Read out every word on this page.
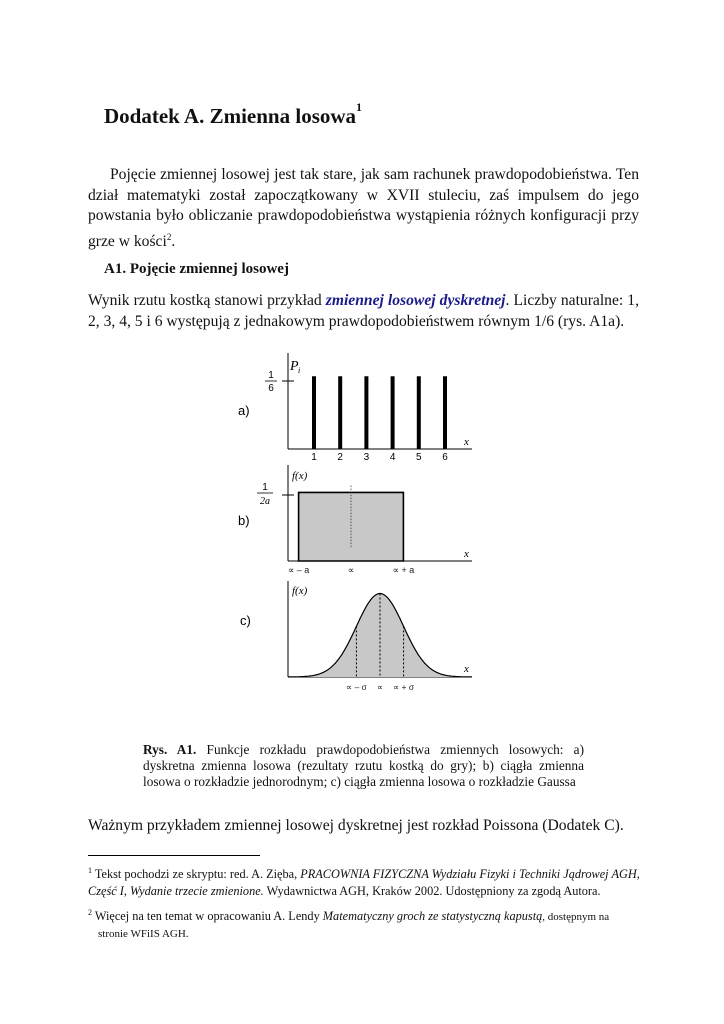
Dodatek A. Zmienna losowa$^1$

Pojęcie zmiennej losowej jest tak stare, jak sam rachunek prawdopodobieństwa. Ten dział matematyki został zapoczątkowany w XVII stuleciu, zaś impulsem do jego powstania było obliczanie prawdopodobieństwa wystąpienia różnych konfiguracji przy grze w kości$^2$.

A1. Pojęcie zmiennej losowej

Wynik rzutu kostką stanowi przykład zmiennej losowej dyskretnej. Liczby naturalne: 1, 2, 3, 4, 5 i 6 występują z jednakowym prawdopodobieństwem równym 1/6 (rys. A1a).

a)
P i
x
1
6
1 2 3 4 5 6
b)
f(x)
x
1
2a
∝ – a	∝	∝ + a
c)
f(x)
x
∝ – σ ∝ ∝ + σ

Rys. A1. Funkcje rozkładu prawdopodobieństwa zmiennych losowych: a) dyskretna zmienna losowa (rezultaty rzutu kostką do gry); b) ciągła zmienna losowa o rozkładzie jednorodnym; c) ciągła zmienna losowa o rozkładzie Gaussa

Ważnym przykładem zmiennej losowej dyskretnej jest rozkład Poissona (Dodatek C).

$^1$ Tekst pochodzi ze skryptu: red. A. Zięba, PRACOWNIA FIZYCZNA Wydziału Fizyki i Techniki Jądrowej AGH, Część I, Wydanie trzecie zmienione. Wydawnictwa AGH, Kraków 2002. Udostępniony za zgodą Autora.

$^2$ Więcej na ten temat w opracowaniu A. Lendy Matematyczny groch ze statystyczną kapustą, dostępnym na
stronie WFiIS AGH.
